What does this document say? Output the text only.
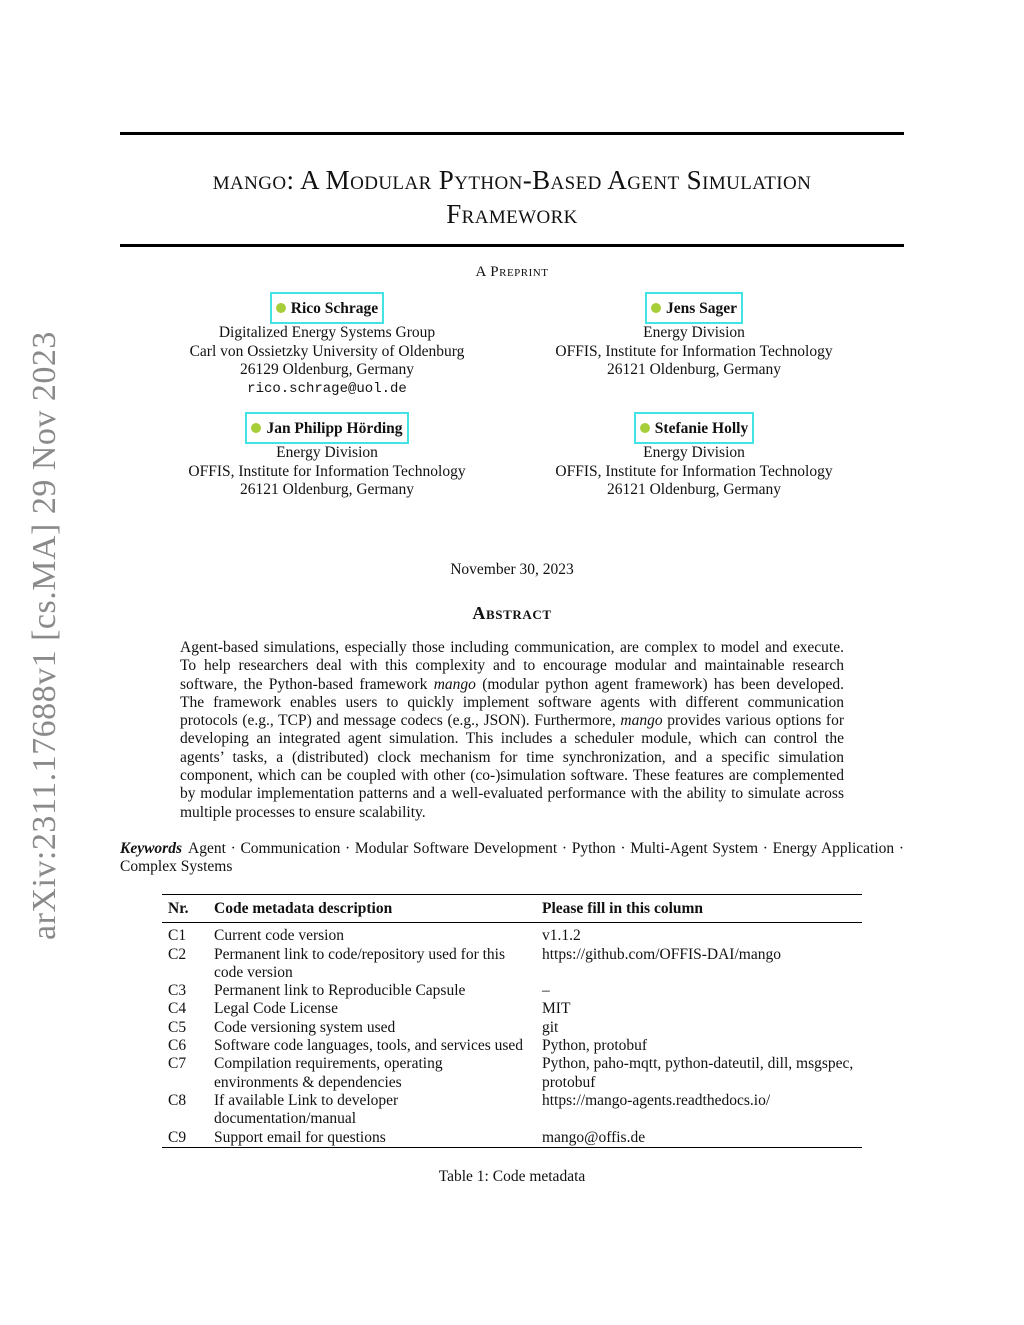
arXiv:2311.17688v1 [cs.MA] 29 Nov 2023
mango: A Modular Python-Based Agent Simulation
Framework
A Preprint
Rico Schrage
Digitalized Energy Systems Group
Carl von Ossietzky University of Oldenburg
26129 Oldenburg, Germany
rico.schrage@uol.de
Jens Sager
Energy Division
OFFIS, Institute for Information Technology
26121 Oldenburg, Germany
Jan Philipp Hörding
Energy Division
OFFIS, Institute for Information Technology
26121 Oldenburg, Germany
Stefanie Holly
Energy Division
OFFIS, Institute for Information Technology
26121 Oldenburg, Germany
November 30, 2023
Abstract
Agent-based simulations, especially those including communication, are complex to model and execute. To help researchers deal with this complexity and to encourage modular and maintainable research software, the Python-based framework mango (modular python agent framework) has been developed. The framework enables users to quickly implement software agents with different communication protocols (e.g., TCP) and message codecs (e.g., JSON). Furthermore, mango provides various options for developing an integrated agent simulation. This includes a scheduler module, which can control the agents’ tasks, a (distributed) clock mechanism for time synchronization, and a specific simulation component, which can be coupled with other (co-)simulation software. These features are complemented by modular implementation patterns and a well-evaluated performance with the ability to simulate across multiple processes to ensure scalability.
Keywords Agent · Communication · Modular Software Development · Python · Multi-Agent System · Energy Application · Complex Systems
Nr.	Code metadata description	Please fill in this column

C1	Current code version	v1.1.2
C2	Permanent link to code/repository used for this code version	https://github.com/OFFIS-DAI/mango
C3	Permanent link to Reproducible Capsule	–
C4	Legal Code License	MIT
C5	Code versioning system used	git
C6	Software code languages, tools, and services used	Python, protobuf
C7	Compilation requirements, operating environments & dependencies	Python, paho-mqtt, python-dateutil, dill, msgspec, protobuf
C8	If available Link to developer documentation/manual	https://mango-agents.readthedocs.io/
C9	Support email for questions	mango@offis.de
Table 1: Code metadata
